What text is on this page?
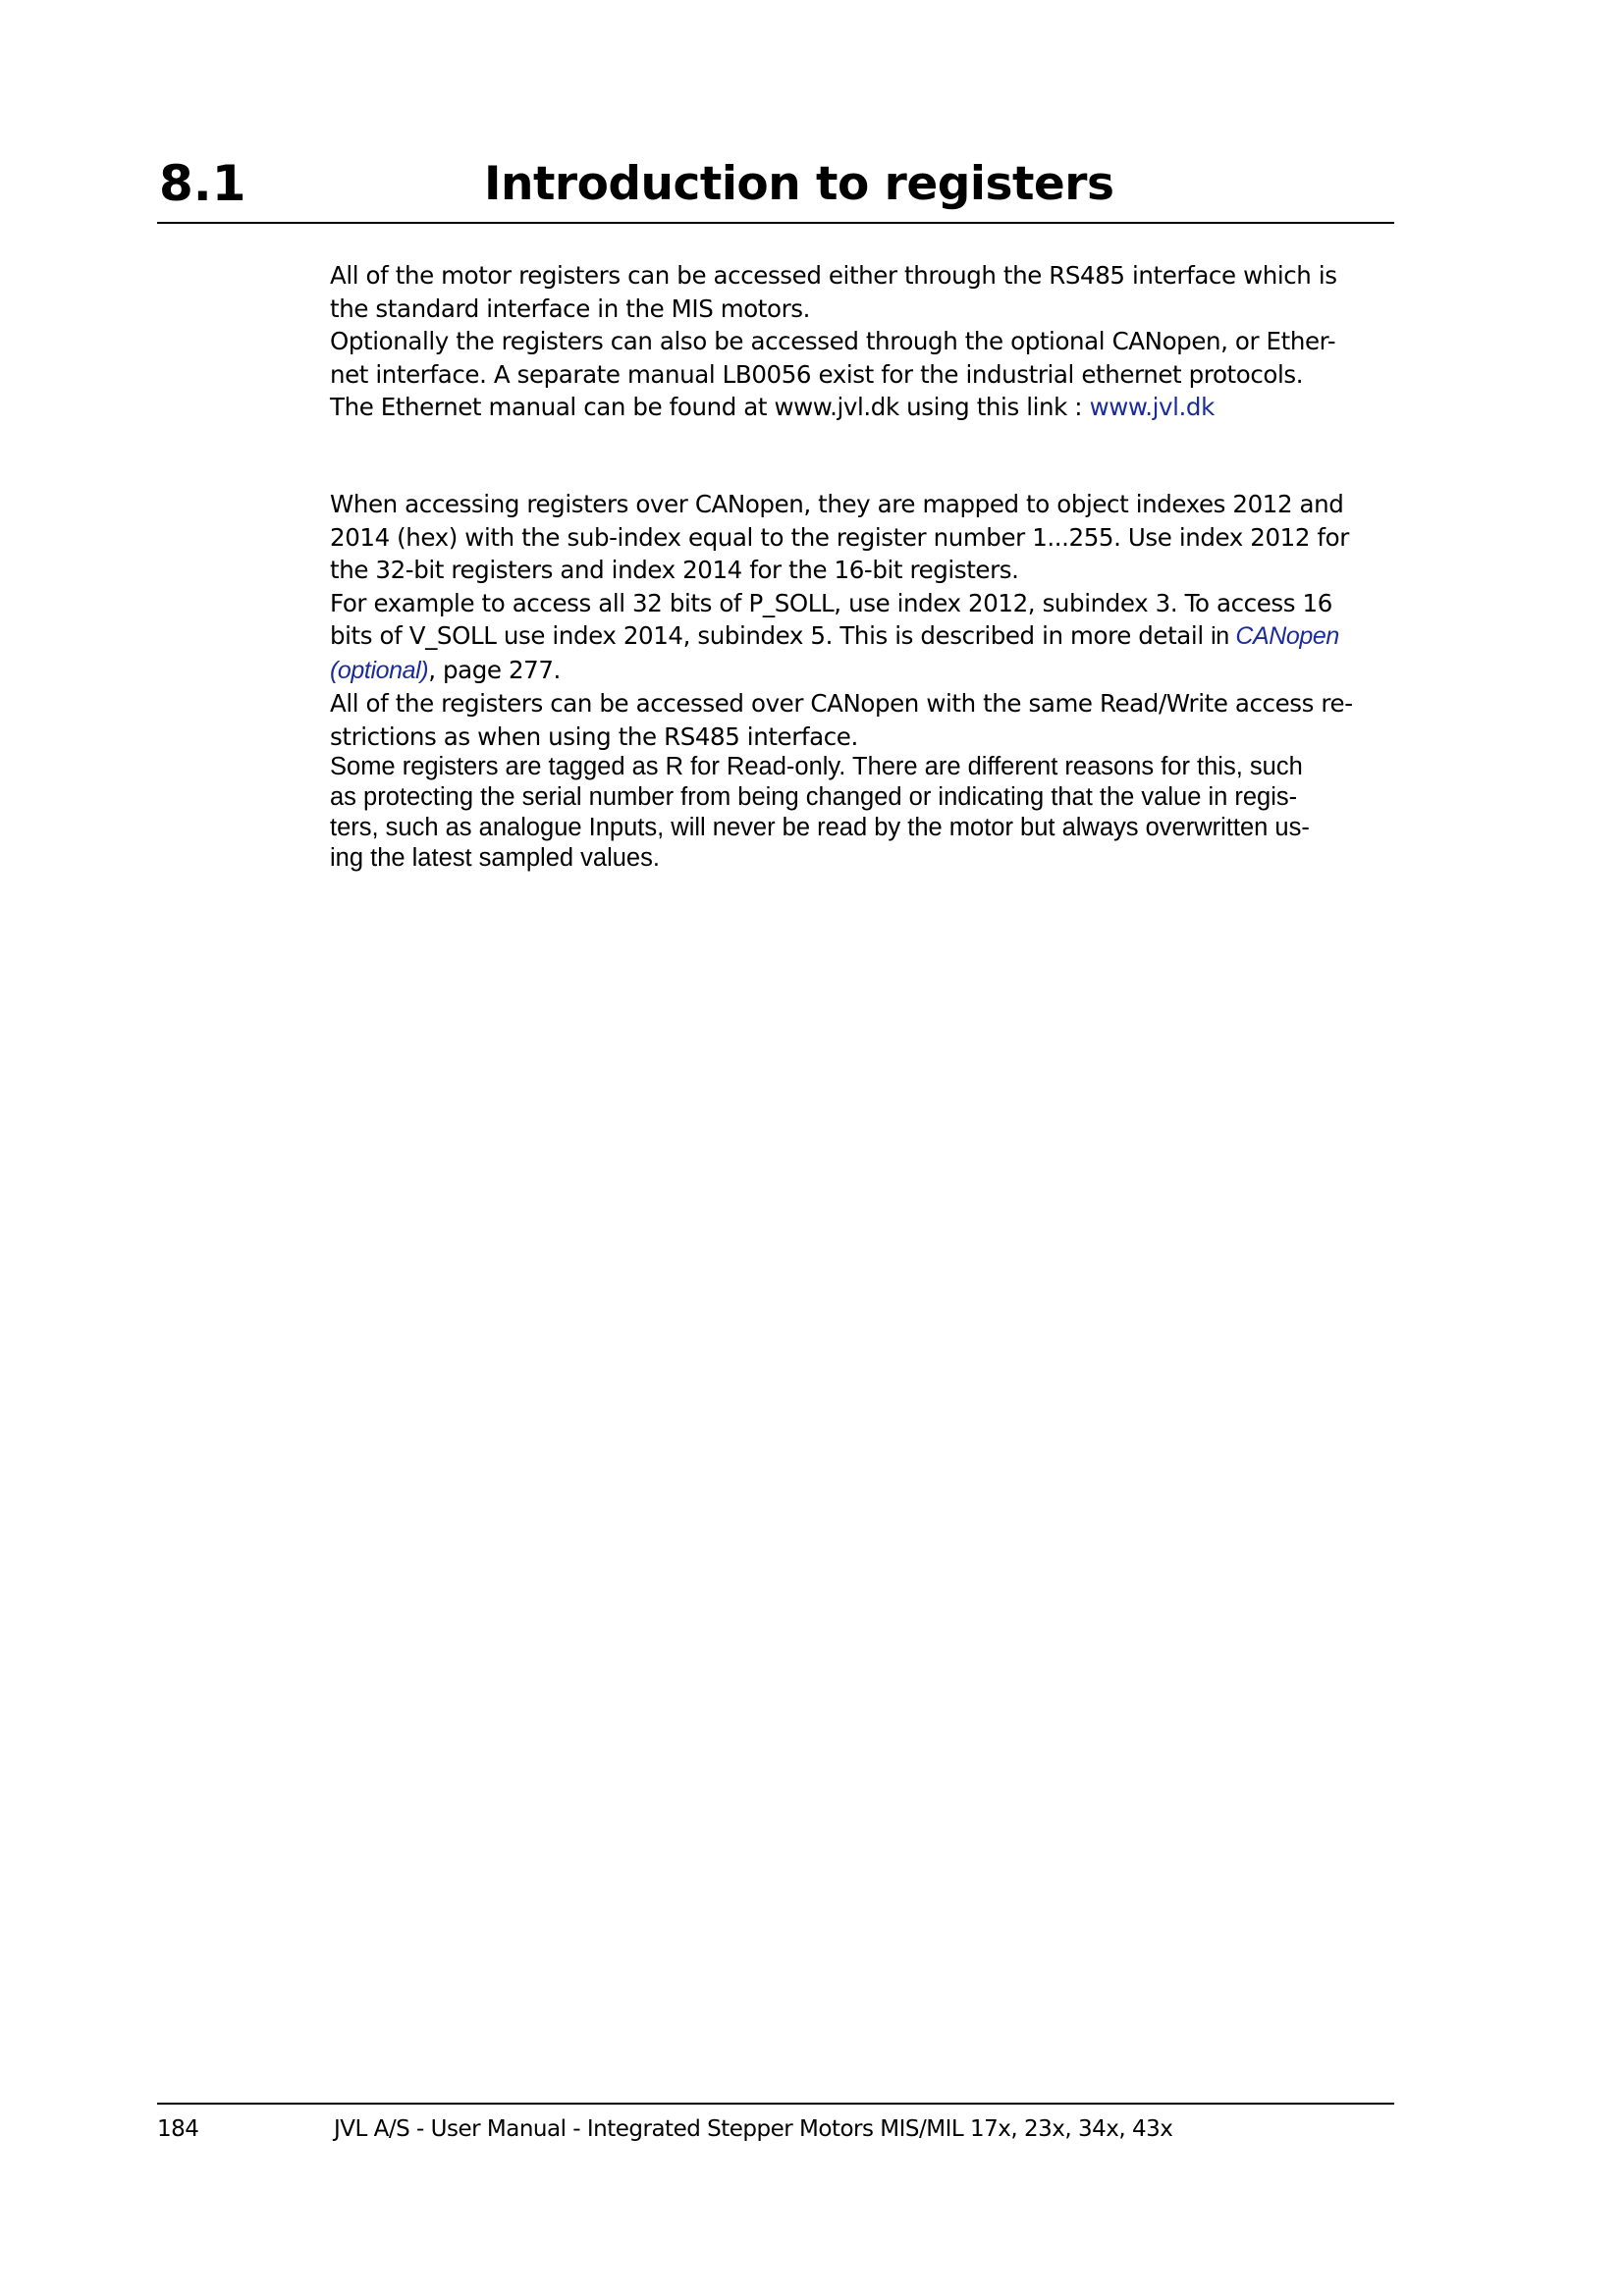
8.1	Introduction to registers
All of the motor registers can be accessed either through the RS485 interface which is
the standard interface in the MIS motors.
Optionally the registers can also be accessed through the optional CANopen, or Ether-
net interface. A separate manual LB0056 exist for the industrial ethernet protocols.
The Ethernet manual can be found at www.jvl.dk using this link : www.jvl.dk
When accessing registers over CANopen, they are mapped to object indexes 2012 and
2014 (hex) with the sub-index equal to the register number 1...255. Use index 2012 for
the 32-bit registers and index 2014 for the 16-bit registers.
For example to access all 32 bits of P_SOLL, use index 2012, subindex 3. To access 16
bits of V_SOLL use index 2014, subindex 5. This is described in more detail in CANopen
(optional), page 277.
All of the registers can be accessed over CANopen with the same Read/Write access re-
strictions as when using the RS485 interface.
Some registers are tagged as R for Read-only. There are different reasons for this, such
as protecting the serial number from being changed or indicating that the value in regis-
ters, such as analogue Inputs, will never be read by the motor but always overwritten us-
ing the latest sampled values.
184	JVL A/S - User Manual - Integrated Stepper Motors MIS/MIL 17x, 23x, 34x, 43x
